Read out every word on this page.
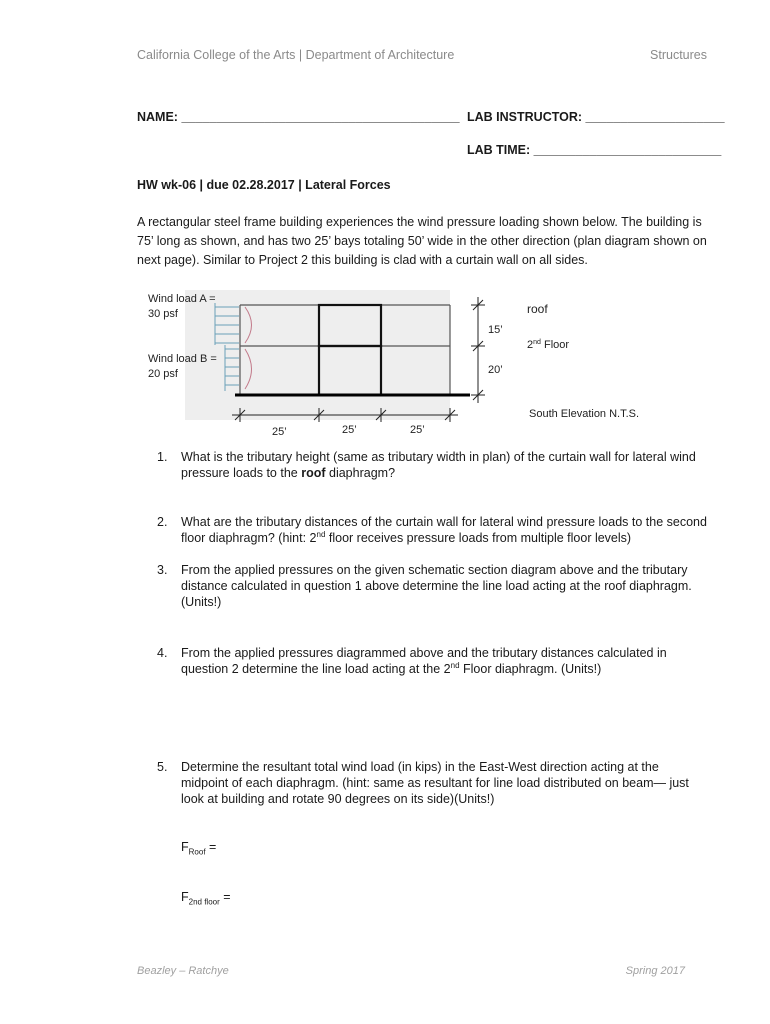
California College of the Arts | Department of Architecture	Structures
NAME: ________________________________________ LAB INSTRUCTOR: ____________________
LAB TIME: ___________________________
HW wk-06 | due 02.28.2017 | Lateral Forces
A rectangular steel frame building experiences the wind pressure loading shown below. The building is 75’ long as shown, and has two 25’ bays totaling 50’ wide in the other direction (plan diagram shown on next page). Similar to Project 2 this building is clad with a curtain wall on all sides.
Wind load A =
30 psf
Wind load B =
20 psf
roof
2nd Floor
15’
20’
25’	25’	25’
South Elevation N.T.S.
1. What is the tributary height (same as tributary width in plan) of the curtain wall for lateral wind pressure loads to the roof diaphragm?
2. What are the tributary distances of the curtain wall for lateral wind pressure loads to the second floor diaphragm? (hint: 2nd floor receives pressure loads from multiple floor levels)
3. From the applied pressures on the given schematic section diagram above and the tributary distance calculated in question 1 above determine the line load acting at the roof diaphragm. (Units!)
4. From the applied pressures diagrammed above and the tributary distances calculated in question 2 determine the line load acting at the 2nd Floor diaphragm. (Units!)
5. Determine the resultant total wind load (in kips) in the East-West direction acting at the midpoint of each diaphragm. (hint: same as resultant for line load distributed on beam— just look at building and rotate 90 degrees on its side)(Units!)
$F_{Roof}$ =
$F_{2nd floor}$ =
Beazley – Ratchye	Spring 2017
